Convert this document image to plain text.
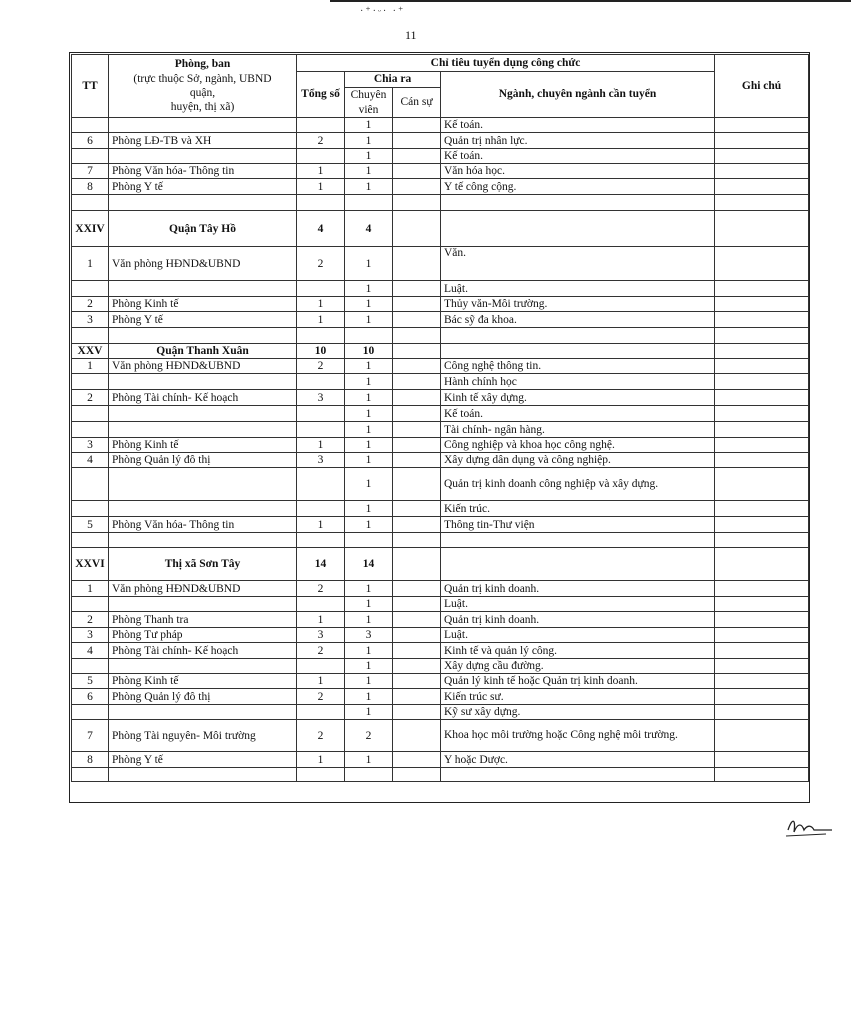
·⁺·ᵕ· ·⁺
11
TT	Phòng, ban
(trực thuộc Sở, ngành, UBND
quận,
huyện, thị xã)	Chỉ tiêu tuyển dụng công chức				Ghi chú
		Tổng số	Chia ra		Ngành, chuyên ngành cần tuyển	
			Chuyên viên	Cán sự		
			1		Kế toán.	
6	Phòng LĐ-TB và XH	2	1		Quản trị nhân lực.	
			1		Kế toán.	
7	Phòng Văn hóa- Thông tin	1	1		Văn hóa học.	
8	Phòng Y tế	1	1		Y tế công cộng.	

XXIV	Quận Tây Hồ	4	4			
1	Văn phòng HĐND&UBND	2	1		Văn.	
			1		Luật.	
2	Phòng Kinh tế	1	1		Thủy văn-Môi trường.	
3	Phòng Y tế	1	1		Bác sỹ đa khoa.	

XXV	Quận Thanh Xuân	10	10			
1	Văn phòng HĐND&UBND	2	1		Công nghệ thông tin.	
			1		Hành chính học	
2	Phòng Tài chính- Kế hoạch	3	1		Kinh tế xây dựng.	
			1		Kế toán.	
			1		Tài chính- ngân hàng.	
3	Phòng Kinh tế	1	1		Công nghiệp và khoa học công nghệ.	
4	Phòng Quản lý đô thị	3	1		Xây dựng dân dụng và công nghiệp.	
			1		Quản trị kinh doanh công nghiệp và xây dựng.	
			1		Kiến trúc.	
5	Phòng Văn hóa- Thông tin	1	1		Thông tin-Thư viện	

XXVI	Thị xã Sơn Tây	14	14			
1	Văn phòng HĐND&UBND	2	1		Quản trị kinh doanh.	
			1		Luật.	
2	Phòng Thanh tra	1	1		Quản trị kinh doanh.	
3	Phòng Tư pháp	3	3		Luật.	
4	Phòng Tài chính- Kế hoạch	2	1		Kinh tế và quản lý công.	
			1		Xây dựng cầu đường.	
5	Phòng Kinh tế	1	1		Quản lý kinh tế hoặc Quản trị kinh doanh.	
6	Phòng Quản lý đô thị	2	1		Kiến trúc sư.	
			1		Kỹ sư xây dựng.	
7	Phòng Tài nguyên- Môi trường	2	2		Khoa học môi trường hoặc Công nghệ môi trường.	
8	Phòng Y tế	1	1		Y hoặc Dược.	
